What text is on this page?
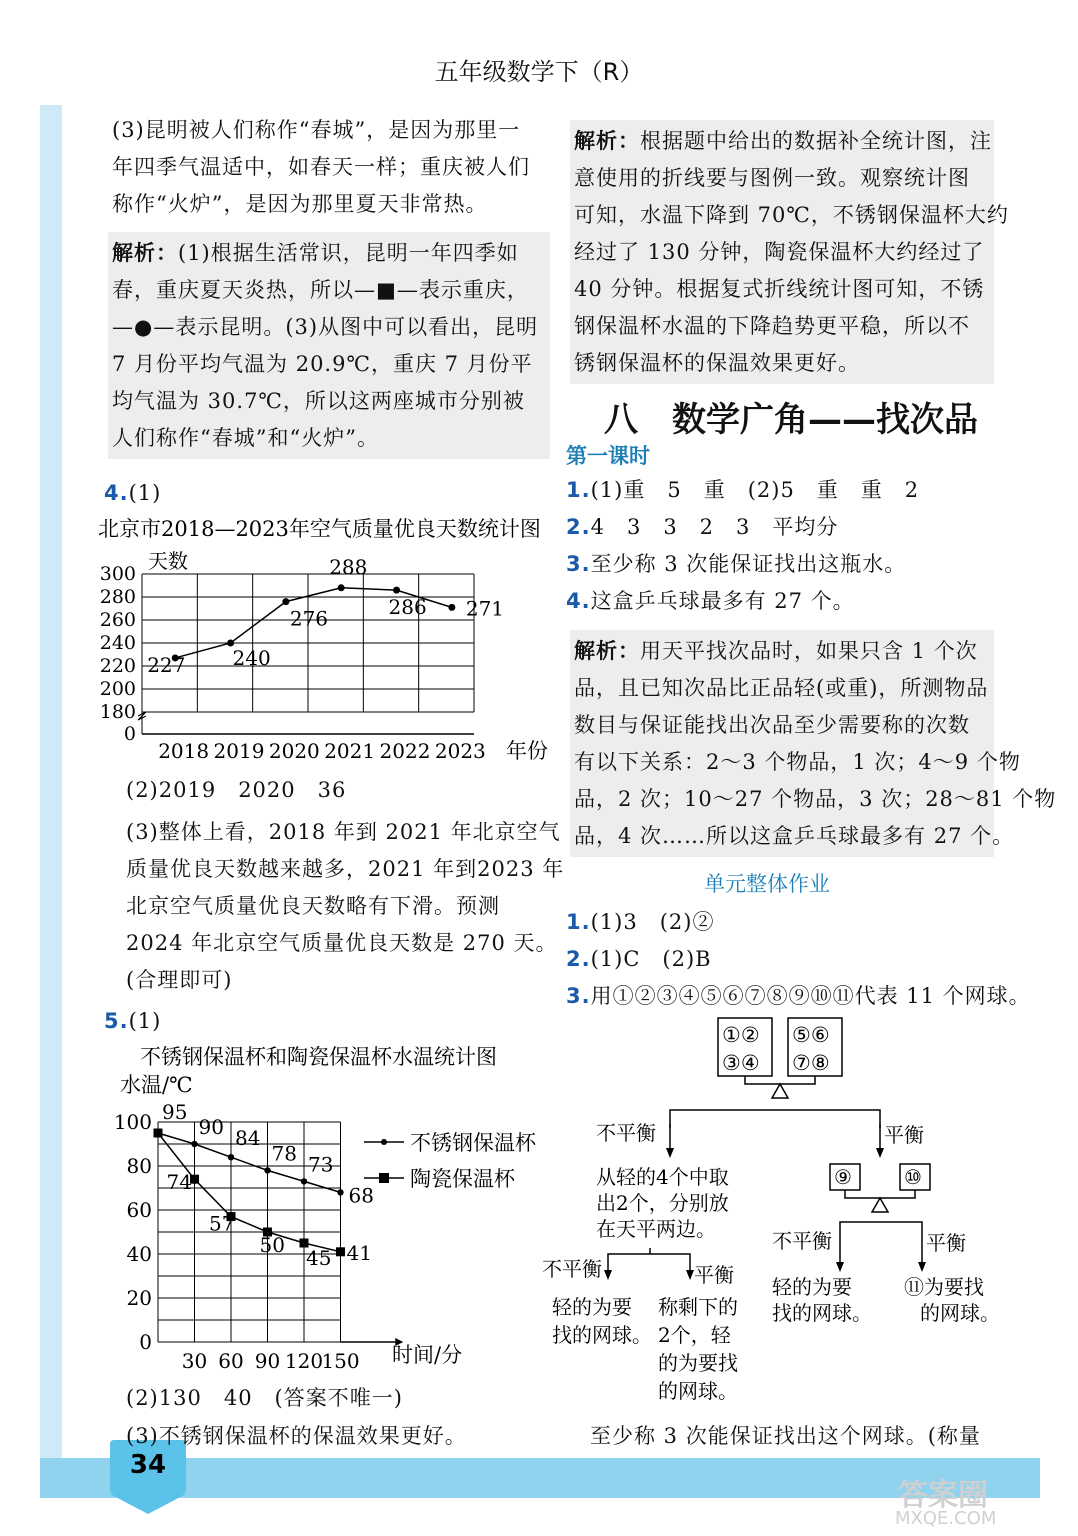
34
答案圈
MXQE.COM
五年级数学下（R）
(3)昆明被人们称作“春城”，是因为那里一
年四季气温适中，如春天一样；重庆被人们
称作“火炉”，是因为那里夏天非常热。
解析：(1)根据生活常识，昆明一年四季如
春，重庆夏天炎热，所以—■—表示重庆，
—●—表示昆明。(3)从图中可以看出，昆明
7 月份平均气温为 20.9℃，重庆 7 月份平
均气温为 30.7℃，所以这两座城市分别被
人们称作“春城”和“火炉”。
4.(1)
北京市2018—2023年空气质量优良天数统计图
天数
年份
0
180
200
220
240
260
280
300
2018 2019 2020 2021 2022 2023
227 240
276
288
286 271
(2)2019　2020　36
(3)整体上看，2018 年到 2021 年北京空气
质量优良天数越来越多，2021 年到2023 年
北京空气质量优良天数略有下滑。预测
2024 年北京空气质量优良天数是 270 天。
(合理即可)
5.(1)
不锈钢保温杯和陶瓷保温杯水温统计图
水温/℃
时间/分
0
20
40
60
80
100
30 60 90 120
150
95
90 84
78 73
68
74
57
50
45 41
不锈钢保温杯
陶瓷保温杯
(2)130　40　(答案不唯一)
(3)不锈钢保温杯的保温效果更好。
解析：根据题中给出的数据补全统计图，注
意使用的折线要与图例一致。观察统计图
可知，水温下降到 70℃，不锈钢保温杯大约
经过了 130 分钟，陶瓷保温杯大约经过了
40 分钟。根据复式折线统计图可知，不锈
钢保温杯水温的下降趋势更平稳，所以不
锈钢保温杯的保温效果更好。
八　数学广角——找次品
第一课时
1.(1)重　5　重　(2)5　重　重　2
2.4　3　3　2　3　平均分
3.至少称 3 次能保证找出这瓶水。
4.这盒乒乓球最多有 27 个。
解析：用天平找次品时，如果只含 1 个次
品，且已知次品比正品轻(或重)，所测物品
数目与保证能找出次品至少需要称的次数
有以下关系：2～3 个物品，1 次；4～9 个物
品，2 次；10～27 个物品，3 次；28～81 个物
品，4 次……所以这盒乒乓球最多有 27 个。
单元整体作业
1.(1)3　(2)②
2.(1)C　(2)B
3.用①②③④⑤⑥⑦⑧⑨⑩⑪代表 11 个网球。
①②
③④
⑤⑥
⑦⑧
不平衡	平衡
从轻的4个中取
出2个，分别放
在天平两边。
不平衡	平衡
轻的为要
找的网球。
称剩下的
2个，轻
的为要找
的网球。
⑨	⑩
不平衡	平衡
轻的为要
找的网球。
⑪为要找
的网球。
至少称 3 次能保证找出这个网球。(称量
